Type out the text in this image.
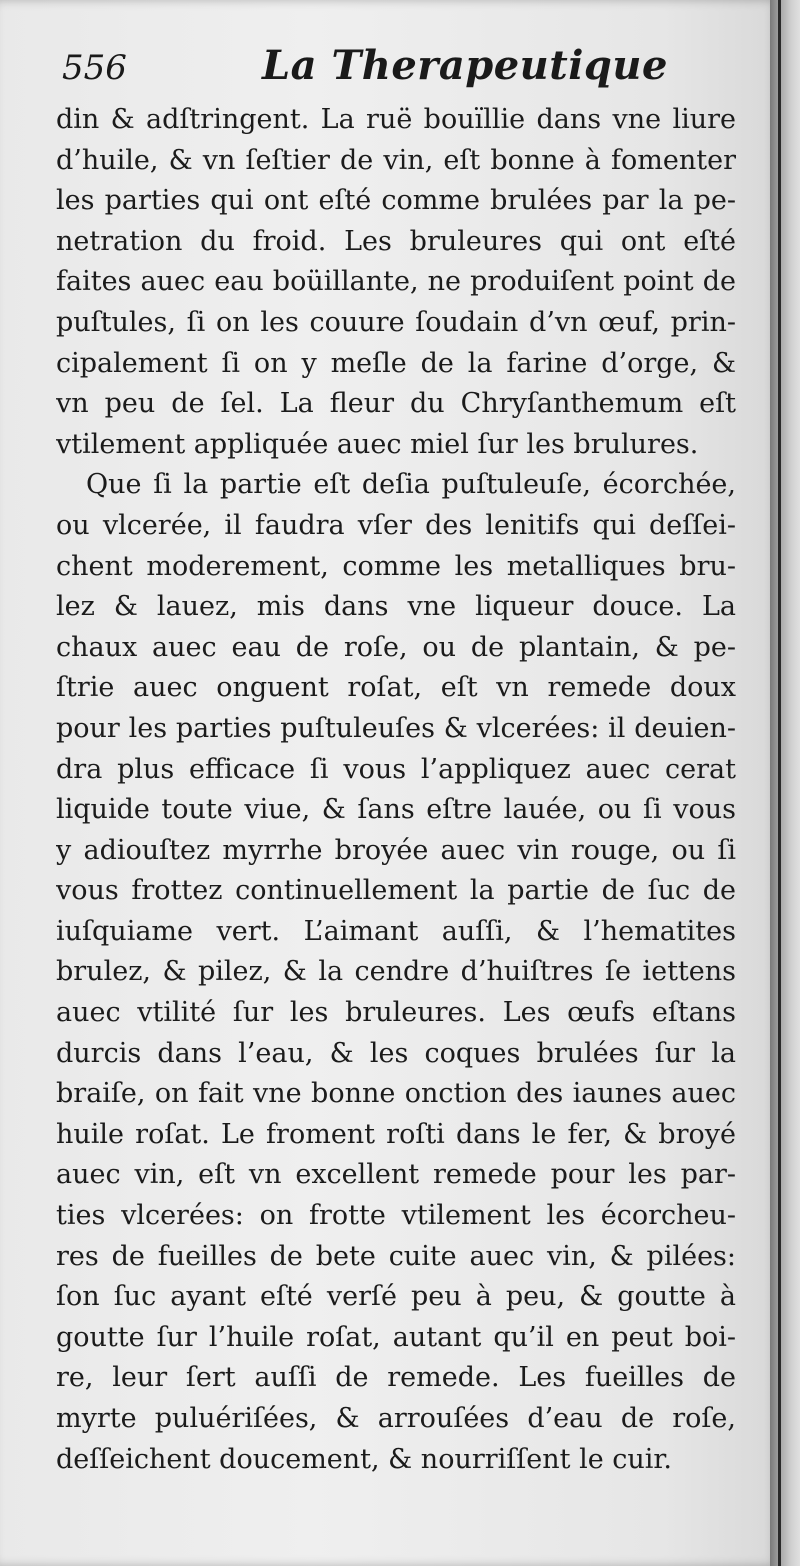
556	La Therapeutique
din & adſtringent. La ruë bouïllie dans vne liure
d’huile, & vn ſeſtier de vin, eſt bonne à fomenter
les parties qui ont eſté comme brulées par la pe-
netration du froid. Les bruleures qui ont eſté
faites auec eau boüillante, ne produiſent point de
puſtules, ſi on les couure ſoudain d’vn œuf, prin-
cipalement ſi on y meſle de la farine d’orge, &
vn peu de ſel. La fleur du Chryſanthemum eſt
vtilement appliquée auec miel ſur les brulures.
Que ſi la partie eſt deſia puſtuleuſe, écorchée,
ou vlcerée, il faudra vſer des lenitifs qui deſſei-
chent moderement, comme les metalliques bru-
lez & lauez, mis dans vne liqueur douce. La
chaux auec eau de roſe, ou de plantain, & pe-
ſtrie auec onguent roſat, eſt vn remede doux
pour les parties puſtuleuſes & vlcerées: il deuien-
dra plus efficace ſi vous l’appliquez auec cerat
liquide toute viue, & ſans eſtre lauée, ou ſi vous
y adiouſtez myrrhe broyée auec vin rouge, ou ſi
vous frottez continuellement la partie de ſuc de
iuſquiame vert. L’aimant auſſi, & l’hematites
brulez, & pilez, & la cendre d’huiſtres ſe iettens
auec vtilité ſur les bruleures. Les œufs eſtans
durcis dans l’eau, & les coques brulées ſur la
braiſe, on fait vne bonne onction des iaunes auec
huile roſat. Le froment roſti dans le fer, & broyé
auec vin, eſt vn excellent remede pour les par-
ties vlcerées: on frotte vtilement les écorcheu-
res de fueilles de bete cuite auec vin, & pilées:
ſon ſuc ayant eſté verſé peu à peu, & goutte à
goutte ſur l’huile roſat, autant qu’il en peut boi-
re, leur ſert auſſi de remede. Les fueilles de
myrte puluériſées, & arrouſées d’eau de roſe,
deſſeichent doucement, & nourriſſent le cuir.
